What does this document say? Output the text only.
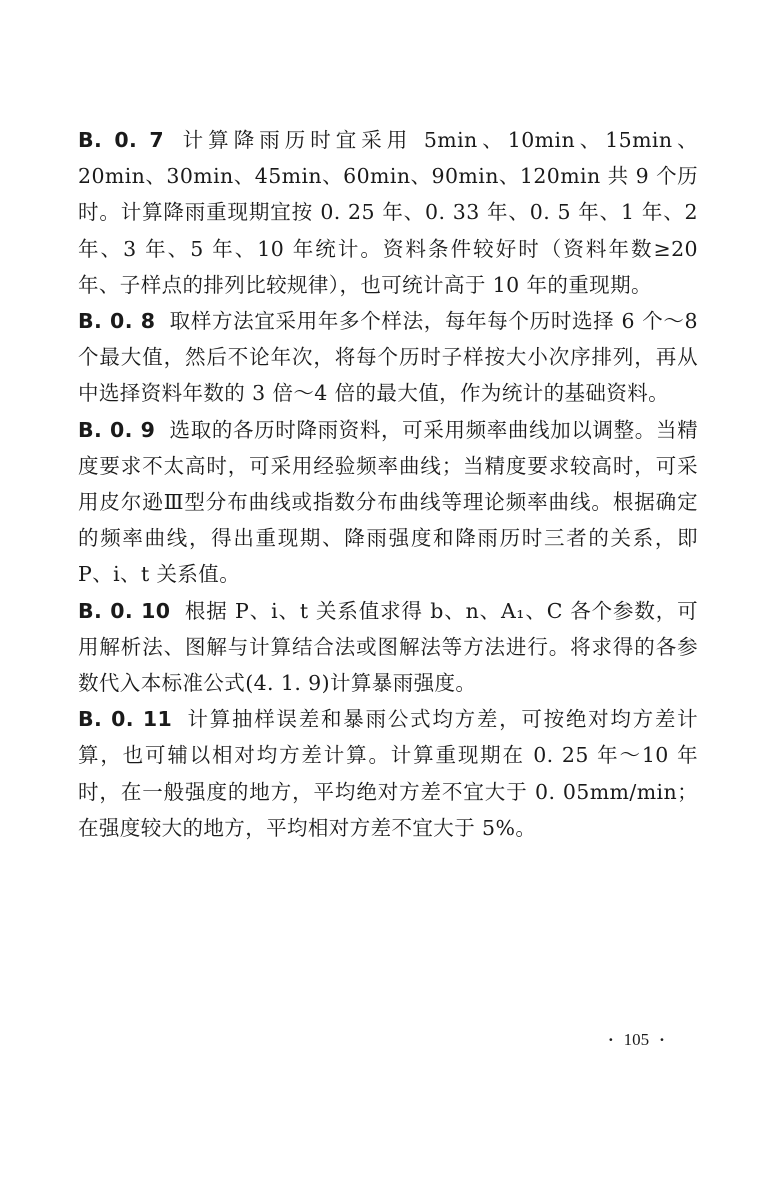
B. 0. 7 计算降雨历时宜采用 5min、10min、15min、20min、30min、45min、60min、90min、120min 共 9 个历时。计算降雨重现期宜按 0. 25 年、0. 33 年、0. 5 年、1 年、2 年、3 年、5 年、10 年统计。资料条件较好时（资料年数≥20 年、子样点的排列比较规律），也可统计高于 10 年的重现期。

B. 0. 8 取样方法宜采用年多个样法，每年每个历时选择 6 个～8 个最大值，然后不论年次，将每个历时子样按大小次序排列，再从中选择资料年数的 3 倍～4 倍的最大值，作为统计的基础资料。

B. 0. 9 选取的各历时降雨资料，可采用频率曲线加以调整。当精度要求不太高时，可采用经验频率曲线；当精度要求较高时，可采用皮尔逊Ⅲ型分布曲线或指数分布曲线等理论频率曲线。根据确定的频率曲线，得出重现期、降雨强度和降雨历时三者的关系，即 P、i、t 关系值。

B. 0. 10 根据 P、i、t 关系值求得 b、n、A₁、C 各个参数，可用解析法、图解与计算结合法或图解法等方法进行。将求得的各参数代入本标准公式(4. 1. 9)计算暴雨强度。

B. 0. 11 计算抽样误差和暴雨公式均方差，可按绝对均方差计算，也可辅以相对均方差计算。计算重现期在 0. 25 年～10 年时，在一般强度的地方，平均绝对方差不宜大于 0. 05mm/min；在强度较大的地方，平均相对方差不宜大于 5%。

· 105 ·
